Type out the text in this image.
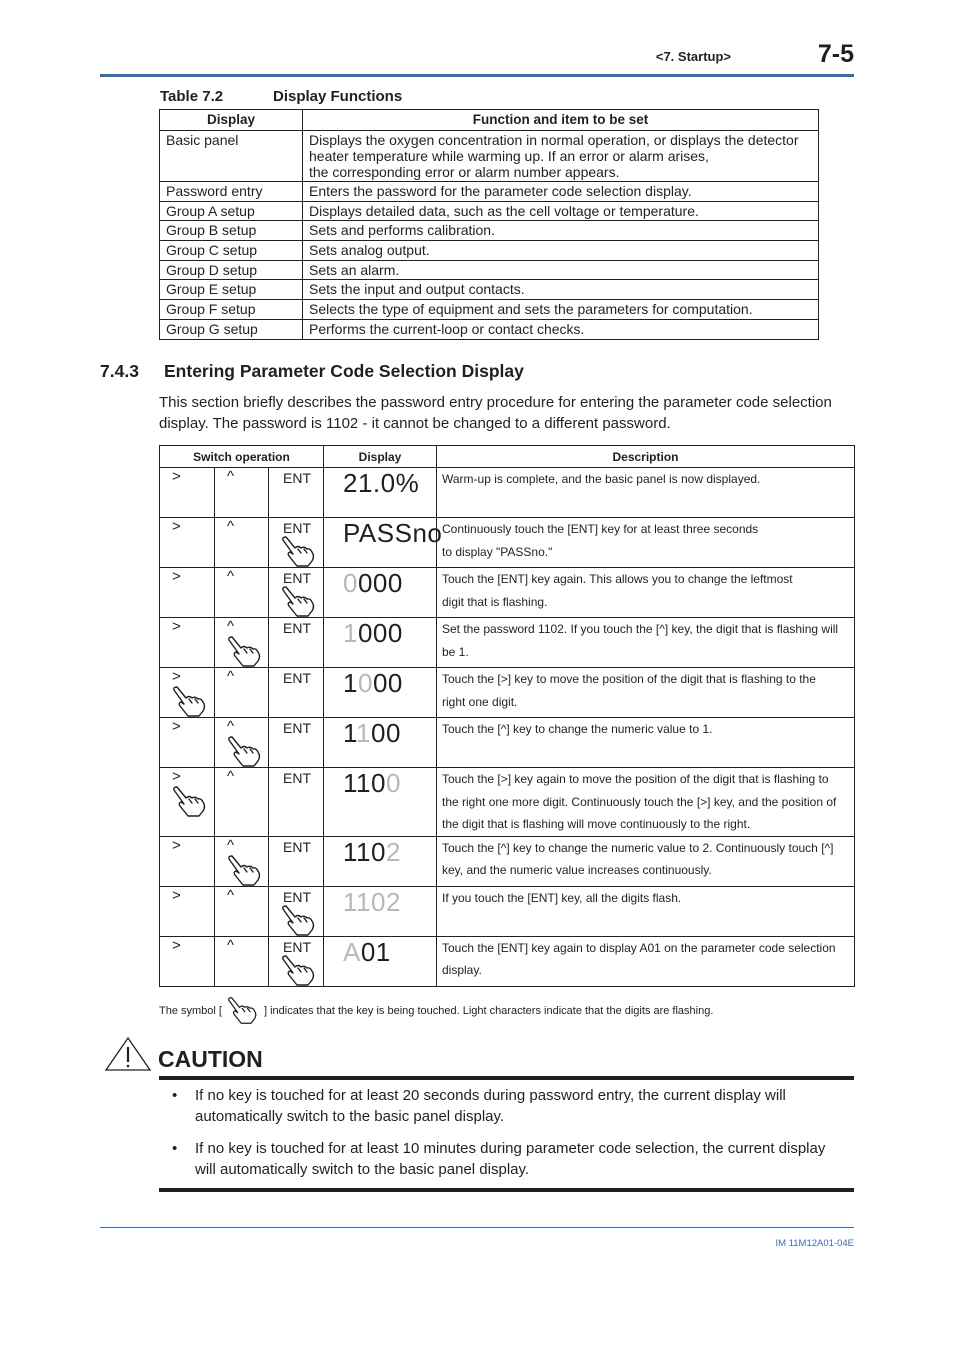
<7. Startup>	7-5
Table 7.2	Display Functions
Display	Function and item to be set
Basic panel	Displays the oxygen concentration in normal operation, or displays the detector
heater temperature while warming up. If an error or alarm arises,
the corresponding error or alarm number appears.

Password entry	Enters the password for the parameter code selection display.

Group A setup	Displays detailed data, such as the cell voltage or temperature.

Group B setup	Sets and performs calibration.

Group C setup	Sets analog output.

Group D setup	Sets an alarm.

Group E setup	Sets the input and output contacts.

Group F setup	Selects the type of equipment and sets the parameters for computation.

Group G setup	Performs the current-loop or contact checks.
7.4.3 Entering Parameter Code Selection Display
This section briefly describes the password entry procedure for entering the parameter code selection
display. The password is 1102 - it cannot be changed to a different password.
Switch operation			Display	Description

>	^	ENT	21.0%	Warm-up is complete, and the basic panel is now displayed.

>	^	ENT	PASSno	Continuously touch the [ENT] key for at least three seconds
to display "PASSno."

>	^	ENT	0000	Touch the [ENT] key again. This allows you to change the leftmost
digit that is flashing.

>	^	ENT	1000	Set the password 1102. If you touch the [^] key, the digit that is flashing will
be 1.

>	^	ENT	1000	Touch the [>] key to move the position of the digit that is flashing to the
right one digit.

>	^	ENT	1100	Touch the [^] key to change the numeric value to 1.

>	^	ENT	1100	Touch the [>] key again to move the position of the digit that is flashing to
the right one more digit. Continuously touch the [>] key, and the position of
the digit that is flashing will move continuously to the right.

>	^	ENT	1102	Touch the [^] key to change the numeric value to 2. Continuously touch [^]
key, and the numeric value increases continuously.

>	^	ENT	1102	If you touch the [ENT] key, all the digits flash.

>	^	ENT	A01	Touch the [ENT] key again to display A01 on the parameter code selection
display.
The symbol [	] indicates that the key is being touched. Light characters indicate that the digits are flashing.
CAUTION
• If no key is touched for at least 20 seconds during password entry, the current display will
automatically switch to the basic panel display.
• If no key is touched for at least 10 minutes during parameter code selection, the current display
will automatically switch to the basic panel display.
IM 11M12A01-04E
